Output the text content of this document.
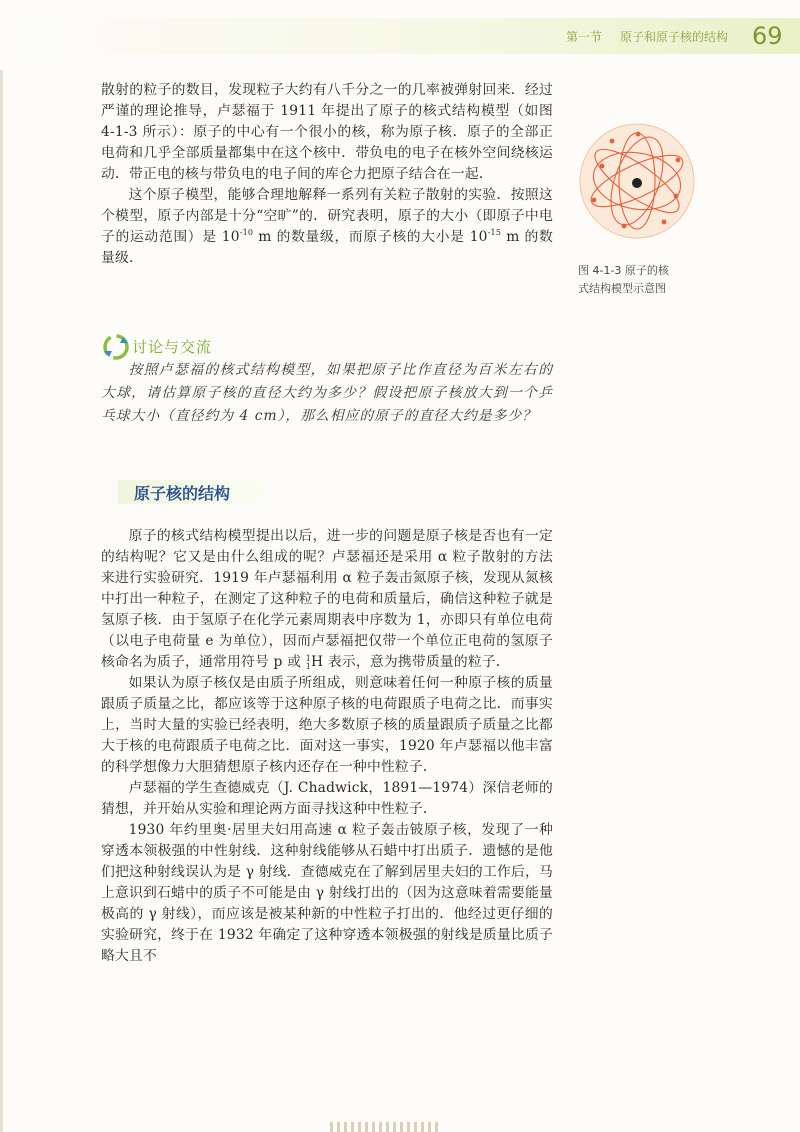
第一节 原子和原子核的结构 69

散射的粒子的数目，发现粒子大约有八千分之一的几率被弹射回来．经过严谨的理论推导，卢瑟福于 1911 年提出了原子的核式结构模型（如图 4-1-3 所示）：原子的中心有一个很小的核，称为原子核．原子的全部正电荷和几乎全部质量都集中在这个核中．带负电的电子在核外空间绕核运动．带正电的核与带负电的电子间的库仑力把原子结合在一起．

这个原子模型，能够合理地解释一系列有关粒子散射的实验．按照这个模型，原子内部是十分“空旷”的．研究表明，原子的大小（即原子中电子的运动范围）是 $10^{-10}$ m 的数量级，而原子核的大小是 $10^{-15}$ m 的数量级．

图 4-1-3 原子的核
式结构模型示意图
讨论与交流

按照卢瑟福的核式结构模型，如果把原子比作直径为百米左右的大球，请估算原子核的直径大约为多少？假设把原子核放大到一个乒乓球大小（直径约为 4 cm），那么相应的原子的直径大约是多少？

原子核的结构

原子的核式结构模型提出以后，进一步的问题是原子核是否也有一定的结构呢？它又是由什么组成的呢？卢瑟福还是采用 α 粒子散射的方法来进行实验研究．1919 年卢瑟福利用 α 粒子轰击氮原子核，发现从氮核中打出一种粒子，在测定了这种粒子的电荷和质量后，确信这种粒子就是氢原子核．由于氢原子在化学元素周期表中序数为 1，亦即只有单位电荷（以电子电荷量 e 为单位），因而卢瑟福把仅带一个单位正电荷的氢原子核命名为质子，通常用符号 p 或 1
1 H 表示，意为携带质量的粒子．

如果认为原子核仅是由质子所组成，则意味着任何一种原子核的质量跟质子质量之比，都应该等于这种原子核的电荷跟质子电荷之比．而事实上，当时大量的实验已经表明，绝大多数原子核的质量跟质子质量之比都大于核的电荷跟质子电荷之比．面对这一事实，1920 年卢瑟福以他丰富的科学想像力大胆猜想原子核内还存在一种中性粒子．

卢瑟福的学生查德威克（J. Chadwick，1891—1974）深信老师的猜想，并开始从实验和理论两方面寻找这种中性粒子．

1930 年约里奥·居里夫妇用高速 α 粒子轰击铍原子核，发现了一种穿透本领极强的中性射线．这种射线能够从石蜡中打出质子．遗憾的是他们把这种射线误认为是 γ 射线．查德威克在了解到居里夫妇的工作后，马上意识到石蜡中的质子不可能是由 γ 射线打出的（因为这意味着需要能量极高的 γ 射线），而应该是被某种新的中性粒子打出的．他经过更仔细的实验研究，终于在 1932 年确定了这种穿透本领极强的射线是质量比质子略大且不
